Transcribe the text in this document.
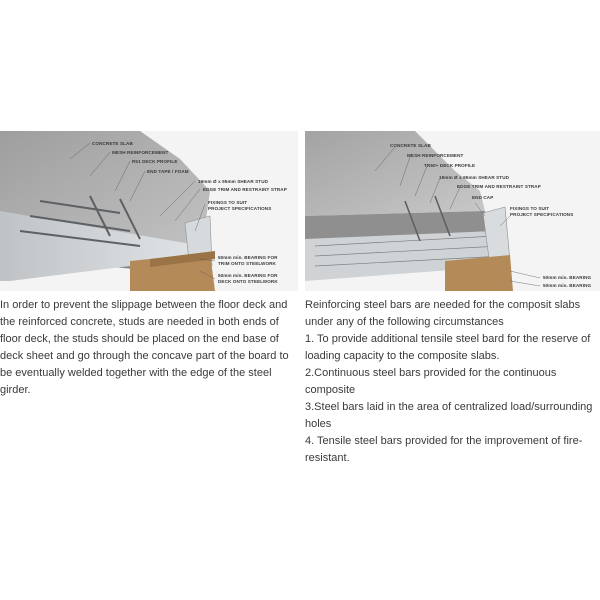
CONCRETE SLAB
MESH REINFORCEMENT
R51 DECK PROFILE
END TAPE / FOAM
19mm Ø x 95mm SHEAR STUD
EDGE TRIM AND RESTRAINT STRAP
FIXINGS TO SUIT
PROJECT SPECIFICATIONS
50mm min. BEARING FOR
TRIM ONTO STEELWORK
50mm min. BEARING FOR
DECK ONTO STEELWORK
In order to prevent the slippage between the floor deck and the reinforced concrete, studs are needed in both ends of floor deck, the studs should be placed on the end base of deck sheet and go through the concave part of the board to be eventually welded together with the edge of the steel girder.
CONCRETE SLAB
MESH REINFORCEMENT
TR60+ DECK PROFILE
19mm Ø x 95mm SHEAR STUD
EDGE TRIM AND RESTRAINT STRAP
END CAP
FIXINGS TO SUIT
PROJECT SPECIFICATIONS
50mm min. BEARING
50mm min. BEARING

Reinforcing steel bars are needed for the composit slabs under any of the following circumstances

1. To provide additional tensile steel bard for the reserve of loading capacity to the composite slabs.

2.Continuous steel bars provided for the continuous composite

3.Steel bars laid in the area of centralized load/surrounding holes

4. Tensile steel bars provided for the improvement of fire-resistant.
